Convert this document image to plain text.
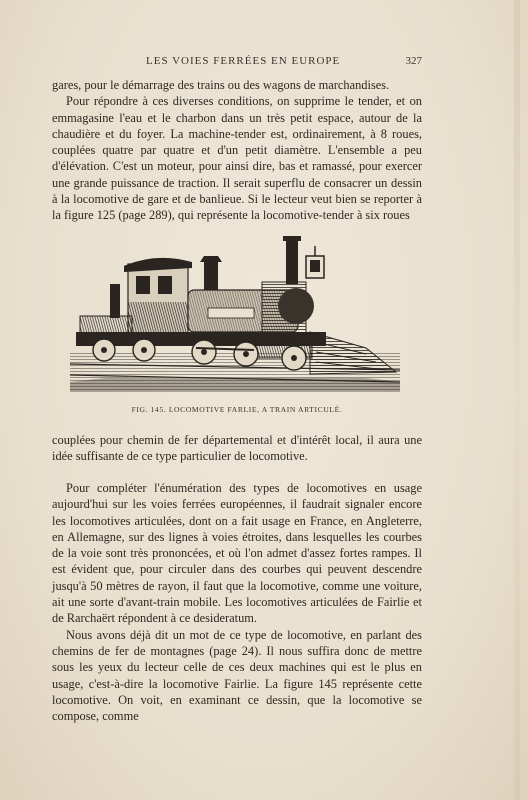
LES VOIES FERRÉES EN EUROPE	327

gares, pour le démarrage des trains ou des wagons de marchandises.

Pour répondre à ces diverses conditions, on supprime le tender, et on emmagasine l'eau et le charbon dans un très petit espace, autour de la chaudière et du foyer. La machine-tender est, ordinairement, à 8 roues, couplées quatre par quatre et d'un petit diamètre. L'ensemble a peu d'élévation. C'est un moteur, pour ainsi dire, bas et ramassé, pour exercer une grande puissance de traction. Il serait superflu de consacrer un dessin à la locomotive de gare et de banlieue. Si le lecteur veut bien se reporter à la figure 125 (page 289), qui représente la locomotive-tender à six roues

FIG. 145. LOCOMOTIVE FARLIE, A TRAIN ARTICULÉ.

couplées pour chemin de fer départemental et d'intérêt local, il aura une idée suffisante de ce type particulier de locomotive.

Pour compléter l'énumération des types de locomotives en usage aujourd'hui sur les voies ferrées européennes, il faudrait signaler encore les locomotives articulées, dont on a fait usage en France, en Angleterre, en Allemagne, sur des lignes à voies étroites, dans lesquelles les courbes de la voie sont très prononcées, et où l'on admet d'assez fortes rampes. Il est évident que, pour circuler dans des courbes qui peuvent descendre jusqu'à 50 mètres de rayon, il faut que la locomotive, comme une voiture, ait une sorte d'avant-train mobile. Les locomotives articulées de Fairlie et de Rarchaërt répondent à ce desideratum.

Nous avons déjà dit un mot de ce type de locomotive, en parlant des chemins de fer de montagnes (page 24). Il nous suffira donc de mettre sous les yeux du lecteur celle de ces deux machines qui est le plus en usage, c'est-à-dire la locomotive Fairlie. La figure 145 représente cette locomotive. On voit, en examinant ce dessin, que la locomotive se compose, comme
